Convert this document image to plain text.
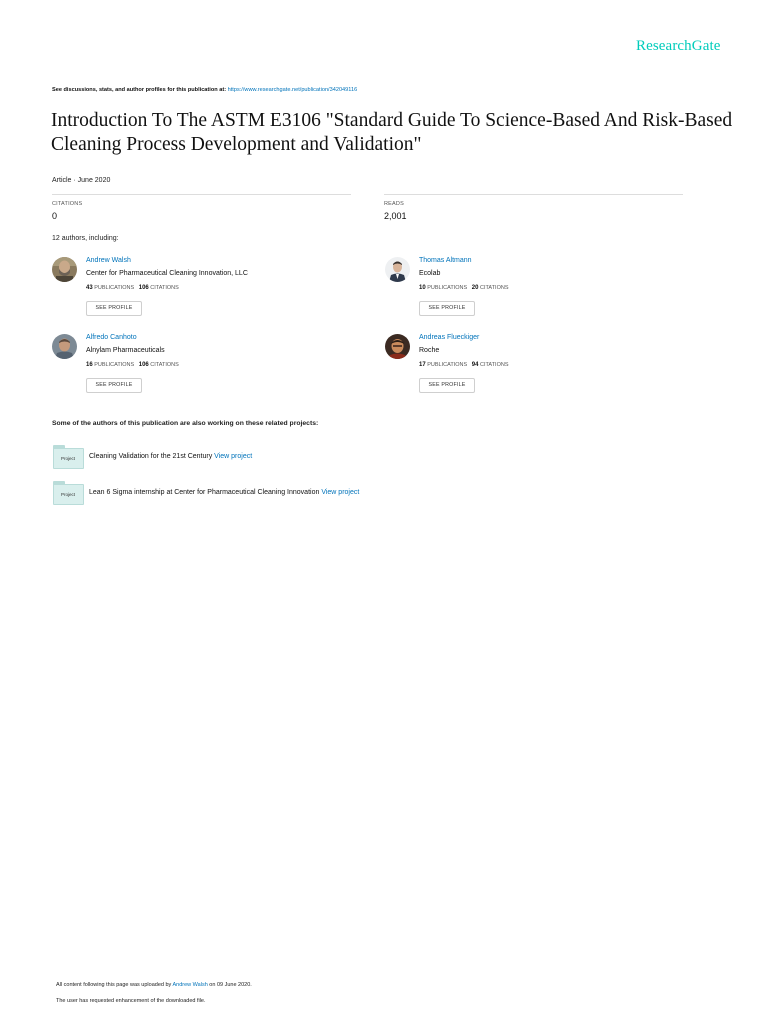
ResearchGate
See discussions, stats, and author profiles for this publication at: https://www.researchgate.net/publication/342049116
Introduction To The ASTM E3106 "Standard Guide To Science-Based And Risk-Based Cleaning Process Development and Validation"
Article · June 2020
CITATIONS
0
READS
2,001
12 authors, including:
Andrew Walsh
Center for Pharmaceutical Cleaning Innovation, LLC
43 PUBLICATIONS 106 CITATIONS
SEE PROFILE
Thomas Altmann
Ecolab
10 PUBLICATIONS 20 CITATIONS
SEE PROFILE
Alfredo Canhoto
Alnylam Pharmaceuticals
16 PUBLICATIONS 106 CITATIONS
SEE PROFILE
Andreas Flueckiger
Roche
17 PUBLICATIONS 94 CITATIONS
SEE PROFILE
Some of the authors of this publication are also working on these related projects:
Project	Cleaning Validation for the 21st Century View project
Project	Lean 6 Sigma internship at Center for Pharmaceutical Cleaning Innovation View project
All content following this page was uploaded by Andrew Walsh on 09 June 2020.
The user has requested enhancement of the downloaded file.
